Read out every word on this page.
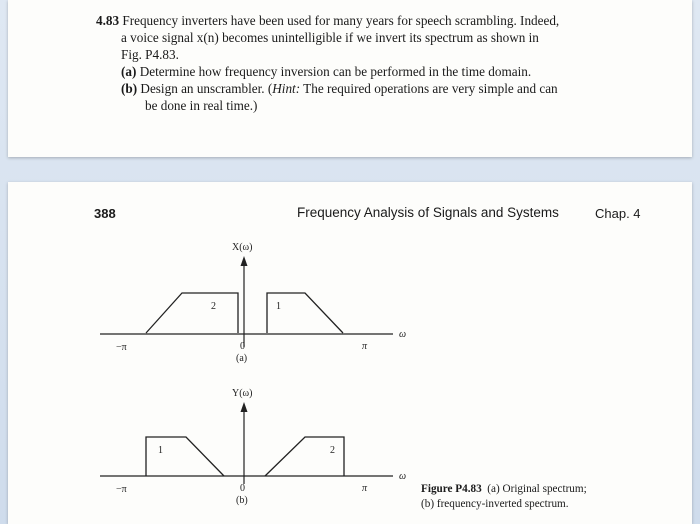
4.83 Frequency inverters have been used for many years for speech scrambling. Indeed,
a voice signal x(n) becomes unintelligible if we invert its spectrum as shown in
Fig. P4.83.
(a) Determine how frequency inversion can be performed in the time domain.
(b) Design an unscrambler. (Hint: The required operations are very simple and can
be done in real time.)
388	Frequency Analysis of Signals and Systems	Chap. 4
X(ω)
ω
−π	0	π
(a)
2	1
Y(ω)
ω
−π	0	π
(b)
1	2
Figure P4.83 (a) Original spectrum;
(b) frequency-inverted spectrum.
